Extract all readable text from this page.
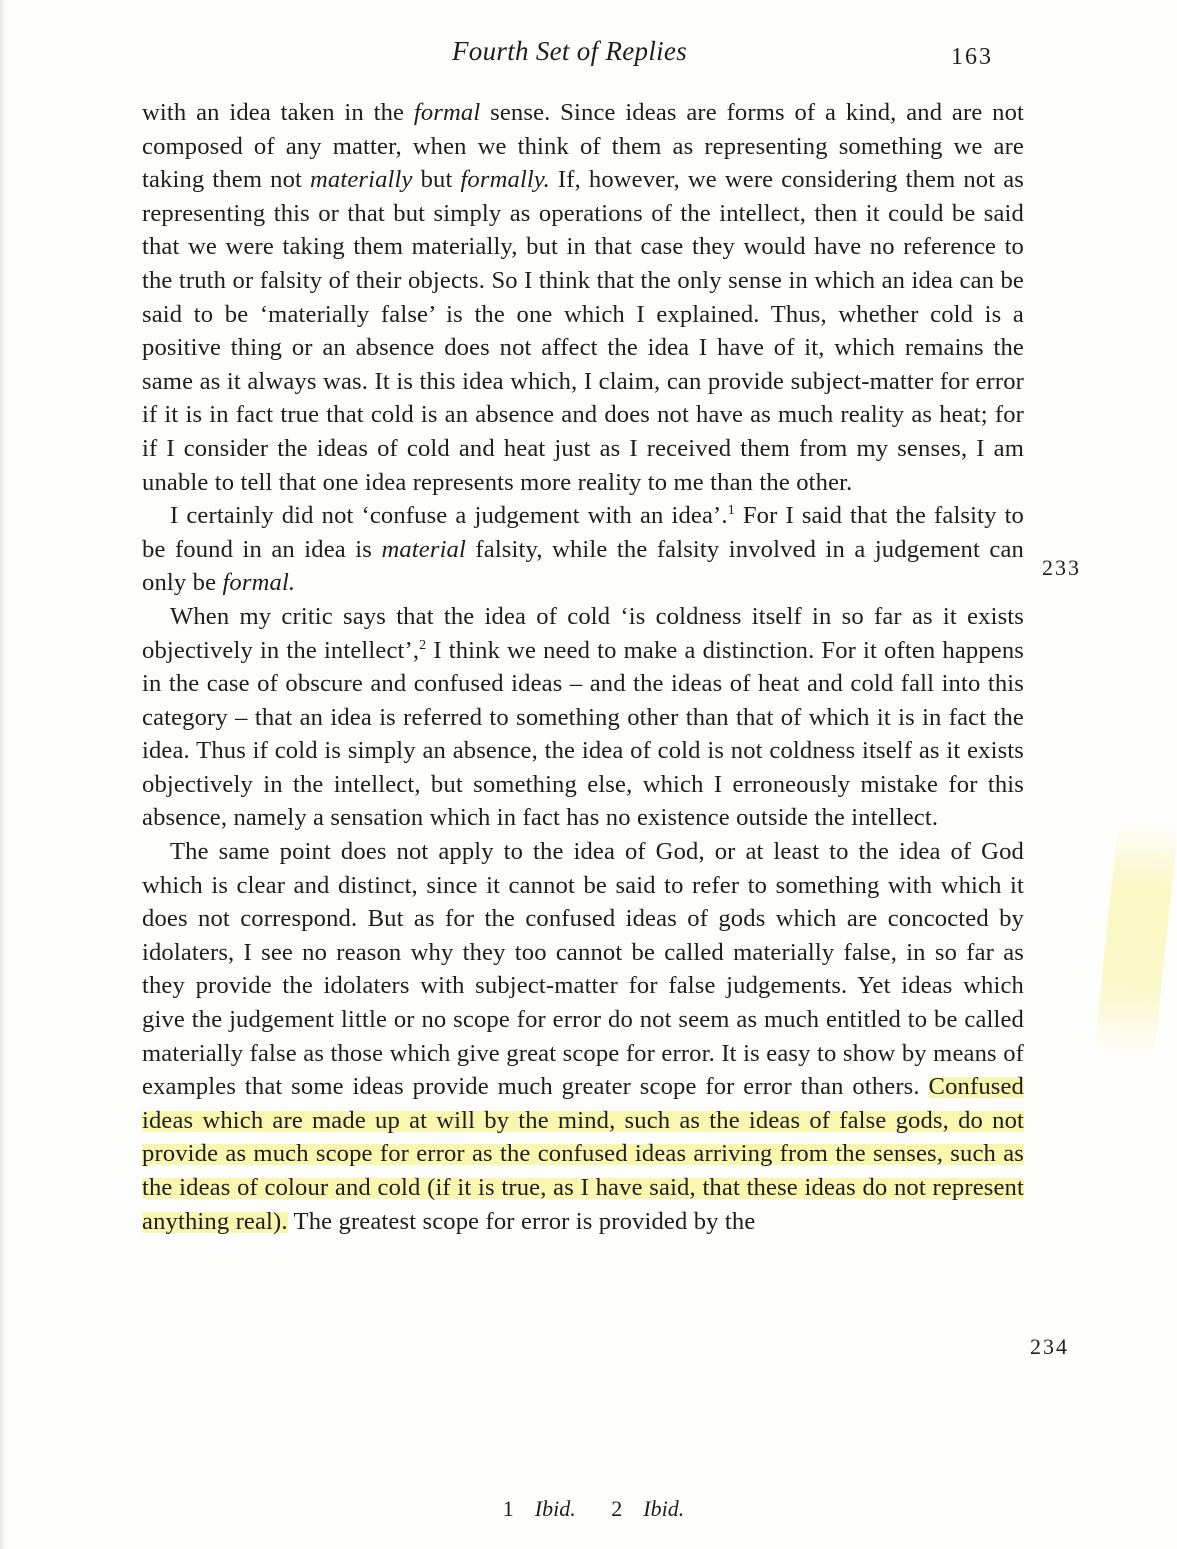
Fourth Set of Replies	163

with an idea taken in the formal sense. Since ideas are forms of a kind, and are not composed of any matter, when we think of them as representing something we are taking them not materially but formally. If, however, we were considering them not as representing this or that but simply as operations of the intellect, then it could be said that we were taking them materially, but in that case they would have no reference to the truth or falsity of their objects. So I think that the only sense in which an idea can be said to be ‘materially false’ is the one which I explained. Thus, whether cold is a positive thing or an absence does not affect the idea I have of it, which remains the same as it always was. It is this idea which, I claim, can provide subject-matter for error if it is in fact true that cold is an absence and does not have as much reality as heat; for if I consider the ideas of cold and heat just as I received them from my senses, I am unable to tell that one idea represents more reality to me than the other.

I certainly did not ‘confuse a judgement with an idea’.$^1$ For I said that the falsity to be found in an idea is material falsity, while the falsity involved in a judgement can only be formal.

When my critic says that the idea of cold ‘is coldness itself in so far as it exists objectively in the intellect’,$^2$ I think we need to make a distinction. For it often happens in the case of obscure and confused ideas – and the ideas of heat and cold fall into this category – that an idea is referred to something other than that of which it is in fact the idea. Thus if cold is simply an absence, the idea of cold is not coldness itself as it exists objectively in the intellect, but something else, which I erroneously mistake for this absence, namely a sensation which in fact has no existence outside the intellect.

The same point does not apply to the idea of God, or at least to the idea of God which is clear and distinct, since it cannot be said to refer to something with which it does not correspond. But as for the confused ideas of gods which are concocted by idolaters, I see no reason why they too cannot be called materially false, in so far as they provide the idolaters with subject-matter for false judgements. Yet ideas which give the judgement little or no scope for error do not seem as much entitled to be called materially false as those which give great scope for error. It is easy to show by means of examples that some ideas provide much greater scope for error than others. Confused ideas which are made up at will by the mind, such as the ideas of false gods, do not provide as much scope for error as the confused ideas arriving from the senses, such as the ideas of colour and cold (if it is true, as I have said, that these ideas do not represent anything real). The greatest scope for error is provided by the

233
234
1 Ibid. 2 Ibid.
